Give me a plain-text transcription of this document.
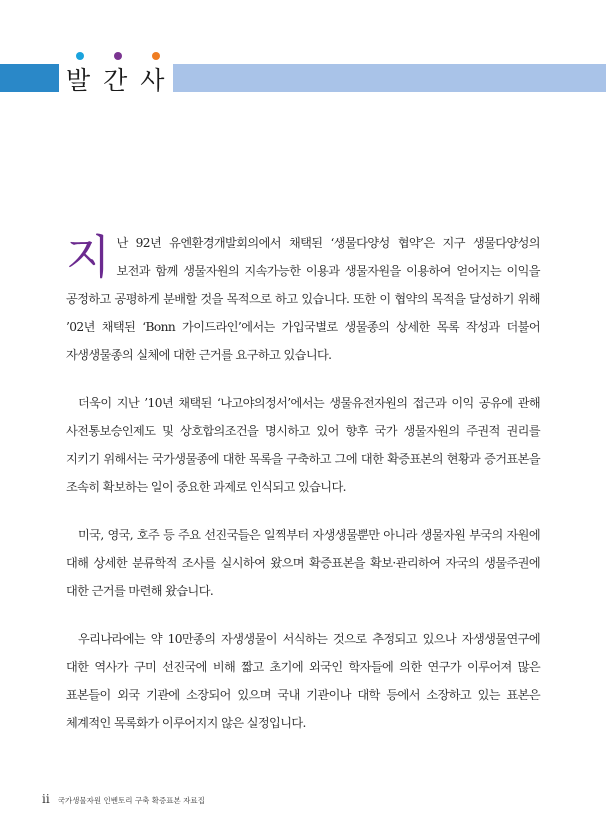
발간사

지난 92년 유엔환경개발회의에서 채택된 ‘생물다양성 협약’은 지구 생물다양성의 보전과 함께 생물자원의 지속가능한 이용과 생물자원을 이용하여 얻어지는 이익을 공정하고 공평하게 분배할 것을 목적으로 하고 있습니다. 또한 이 협약의 목적을 달성하기 위해 ’02년 채택된 ‘Bonn 가이드라인’에서는 가입국별로 생물종의 상세한 목록 작성과 더불어 자생생물종의 실체에 대한 근거를 요구하고 있습니다.

더욱이 지난 ’10년 채택된 ‘나고야의정서’에서는 생물유전자원의 접근과 이익 공유에 관해 사전통보승인제도 및 상호합의조건을 명시하고 있어 향후 국가 생물자원의 주권적 권리를 지키기 위해서는 국가생물종에 대한 목록을 구축하고 그에 대한 확증표본의 현황과 증거표본을 조속히 확보하는 일이 중요한 과제로 인식되고 있습니다.

미국, 영국, 호주 등 주요 선진국들은 일찍부터 자생생물뿐만 아니라 생물자원 부국의 자원에 대해 상세한 분류학적 조사를 실시하여 왔으며 확증표본을 확보·관리하여 자국의 생물주권에 대한 근거를 마련해 왔습니다.

우리나라에는 약 10만종의 자생생물이 서식하는 것으로 추정되고 있으나 자생생물연구에 대한 역사가 구미 선진국에 비해 짧고 초기에 외국인 학자들에 의한 연구가 이루어져 많은 표본들이 외국 기관에 소장되어 있으며 국내 기관이나 대학 등에서 소장하고 있는 표본은 체계적인 목록화가 이루어지지 않은 실정입니다.

ii 국가생물자원 인벤토리 구축 확증표본 자료집
